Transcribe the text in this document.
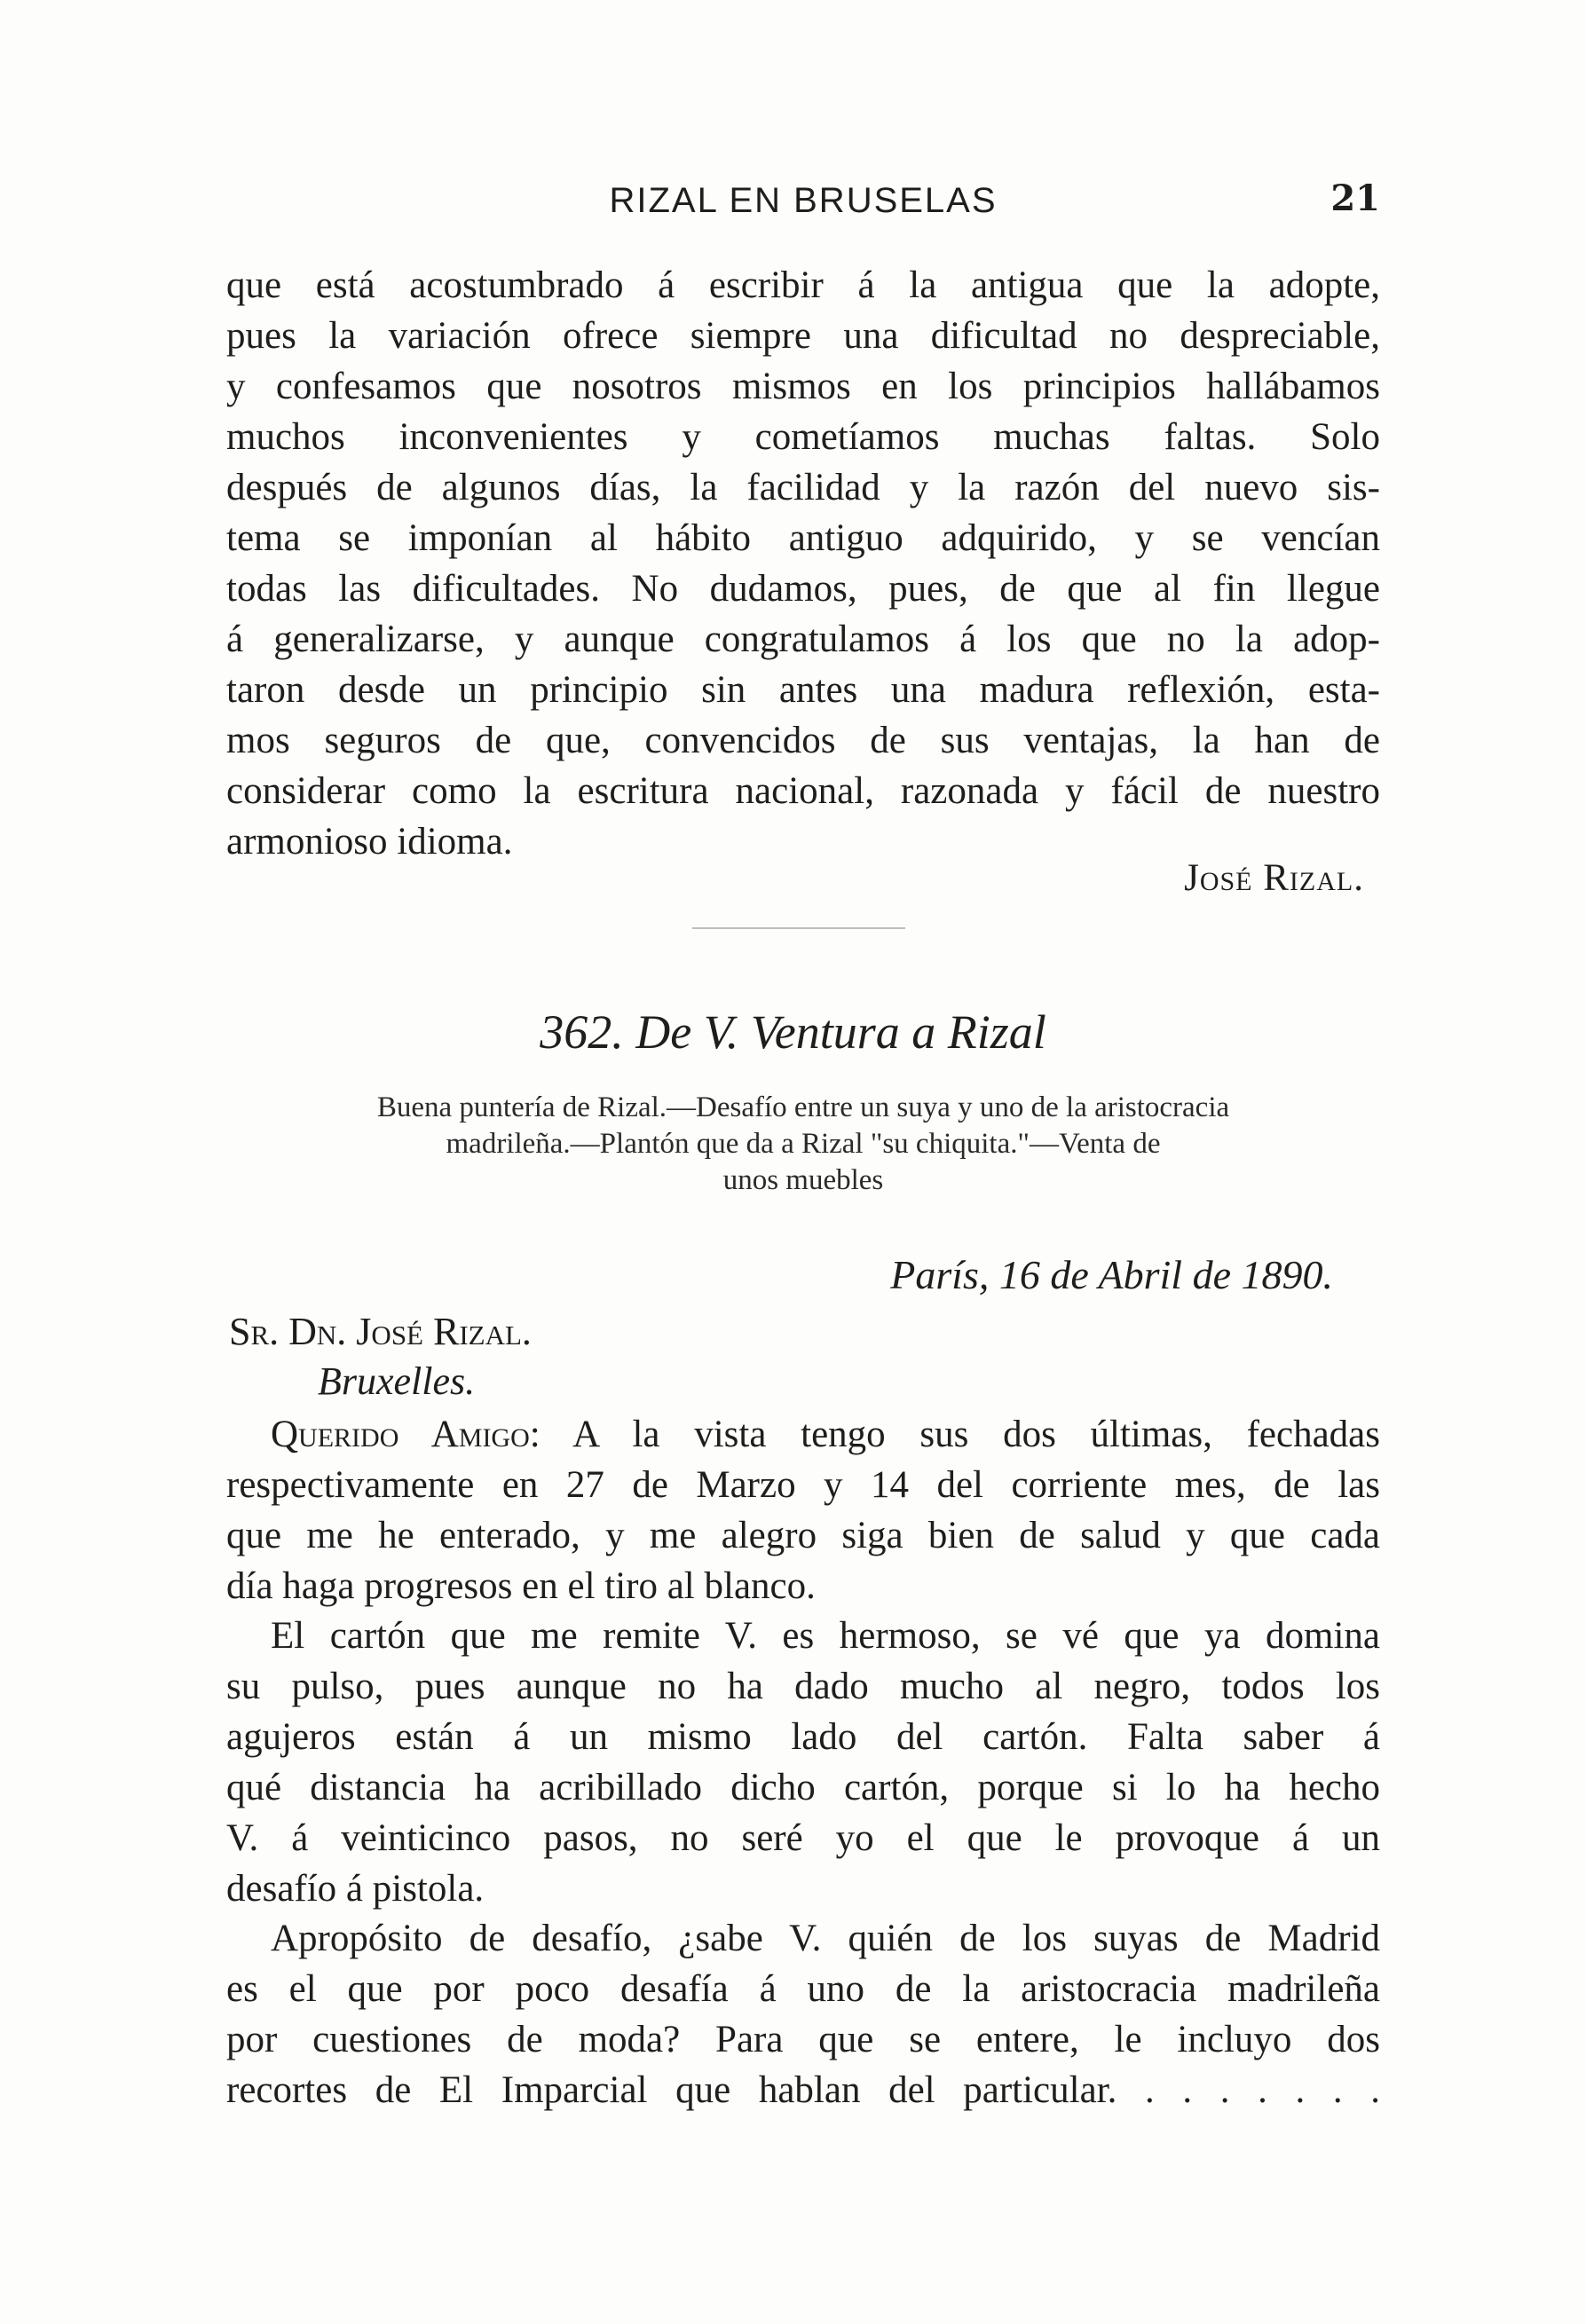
RIZAL EN BRUSELAS	21
que está acostumbrado á escribir á la antigua que la adopte,
pues la variación ofrece siempre una dificultad no despreciable,
y confesamos que nosotros mismos en los principios hallábamos
muchos inconvenientes y cometíamos muchas faltas. Solo
después de algunos días, la facilidad y la razón del nuevo sis-
tema se imponían al hábito antiguo adquirido, y se vencían
todas las dificultades. No dudamos, pues, de que al fin llegue
á generalizarse, y aunque congratulamos á los que no la adop-
taron desde un principio sin antes una madura reflexión, esta-
mos seguros de que, convencidos de sus ventajas, la han de
considerar como la escritura nacional, razonada y fácil de nuestro
armonioso idioma.
José Rizal.
362. De V. Ventura a Rizal
Buena puntería de Rizal.—Desafío entre un suya y uno de la aristocracia
madrileña.—Plantón que da a Rizal "su chiquita."—Venta de
unos muebles
París, 16 de Abril de 1890.
Sr. Dn. José Rizal.
Bruxelles.
Querido Amigo: A la vista tengo sus dos últimas, fechadas
respectivamente en 27 de Marzo y 14 del corriente mes, de las
que me he enterado, y me alegro siga bien de salud y que cada
día haga progresos en el tiro al blanco.
El cartón que me remite V. es hermoso, se vé que ya domina
su pulso, pues aunque no ha dado mucho al negro, todos los
agujeros están á un mismo lado del cartón. Falta saber á
qué distancia ha acribillado dicho cartón, porque si lo ha hecho
V. á veinticinco pasos, no seré yo el que le provoque á un
desafío á pistola.
Apropósito de desafío, ¿sabe V. quién de los suyas de Madrid
es el que por poco desafía á uno de la aristocracia madrileña
por cuestiones de moda? Para que se entere, le incluyo dos
recortes de El Imparcial que hablan del particular. . . . . . . .
